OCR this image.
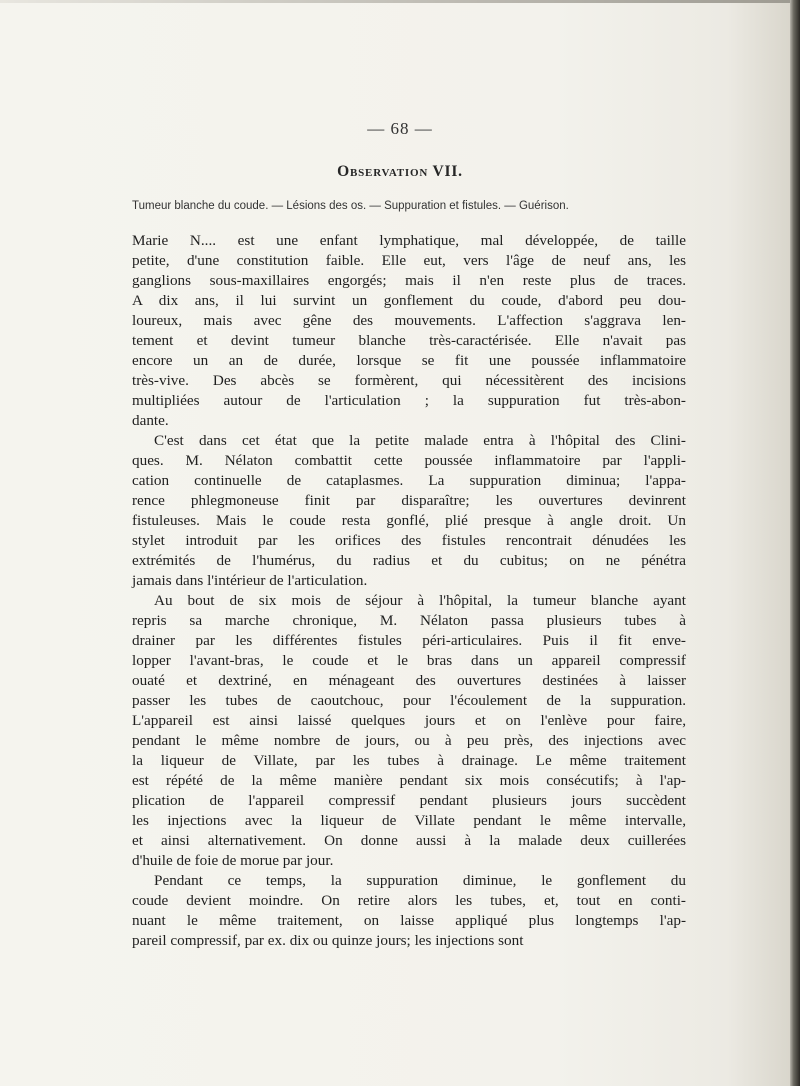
— 68 —
Observation VII.
Tumeur blanche du coude. — Lésions des os. — Suppuration et fistules. — Guérison.
Marie N.... est une enfant lymphatique, mal développée, de taille
petite, d'une constitution faible. Elle eut, vers l'âge de neuf ans, les
ganglions sous-maxillaires engorgés; mais il n'en reste plus de traces.
A dix ans, il lui survint un gonflement du coude, d'abord peu dou-
loureux, mais avec gêne des mouvements. L'affection s'aggrava len-
tement et devint tumeur blanche très-caractérisée. Elle n'avait pas
encore un an de durée, lorsque se fit une poussée inflammatoire
très-vive. Des abcès se formèrent, qui nécessitèrent des incisions
multipliées autour de l'articulation ; la suppuration fut très-abon-
dante.
C'est dans cet état que la petite malade entra à l'hôpital des Clini-
ques. M. Nélaton combattit cette poussée inflammatoire par l'appli-
cation continuelle de cataplasmes. La suppuration diminua; l'appa-
rence phlegmoneuse finit par disparaître; les ouvertures devinrent
fistuleuses. Mais le coude resta gonflé, plié presque à angle droit. Un
stylet introduit par les orifices des fistules rencontrait dénudées les
extrémités de l'humérus, du radius et du cubitus; on ne pénétra
jamais dans l'intérieur de l'articulation.
Au bout de six mois de séjour à l'hôpital, la tumeur blanche ayant
repris sa marche chronique, M. Nélaton passa plusieurs tubes à
drainer par les différentes fistules péri-articulaires. Puis il fit enve-
lopper l'avant-bras, le coude et le bras dans un appareil compressif
ouaté et dextriné, en ménageant des ouvertures destinées à laisser
passer les tubes de caoutchouc, pour l'écoulement de la suppuration.
L'appareil est ainsi laissé quelques jours et on l'enlève pour faire,
pendant le même nombre de jours, ou à peu près, des injections avec
la liqueur de Villate, par les tubes à drainage. Le même traitement
est répété de la même manière pendant six mois consécutifs; à l'ap-
plication de l'appareil compressif pendant plusieurs jours succèdent
les injections avec la liqueur de Villate pendant le même intervalle,
et ainsi alternativement. On donne aussi à la malade deux cuillerées
d'huile de foie de morue par jour.
Pendant ce temps, la suppuration diminue, le gonflement du
coude devient moindre. On retire alors les tubes, et, tout en conti-
nuant le même traitement, on laisse appliqué plus longtemps l'ap-
pareil compressif, par ex. dix ou quinze jours; les injections sont
